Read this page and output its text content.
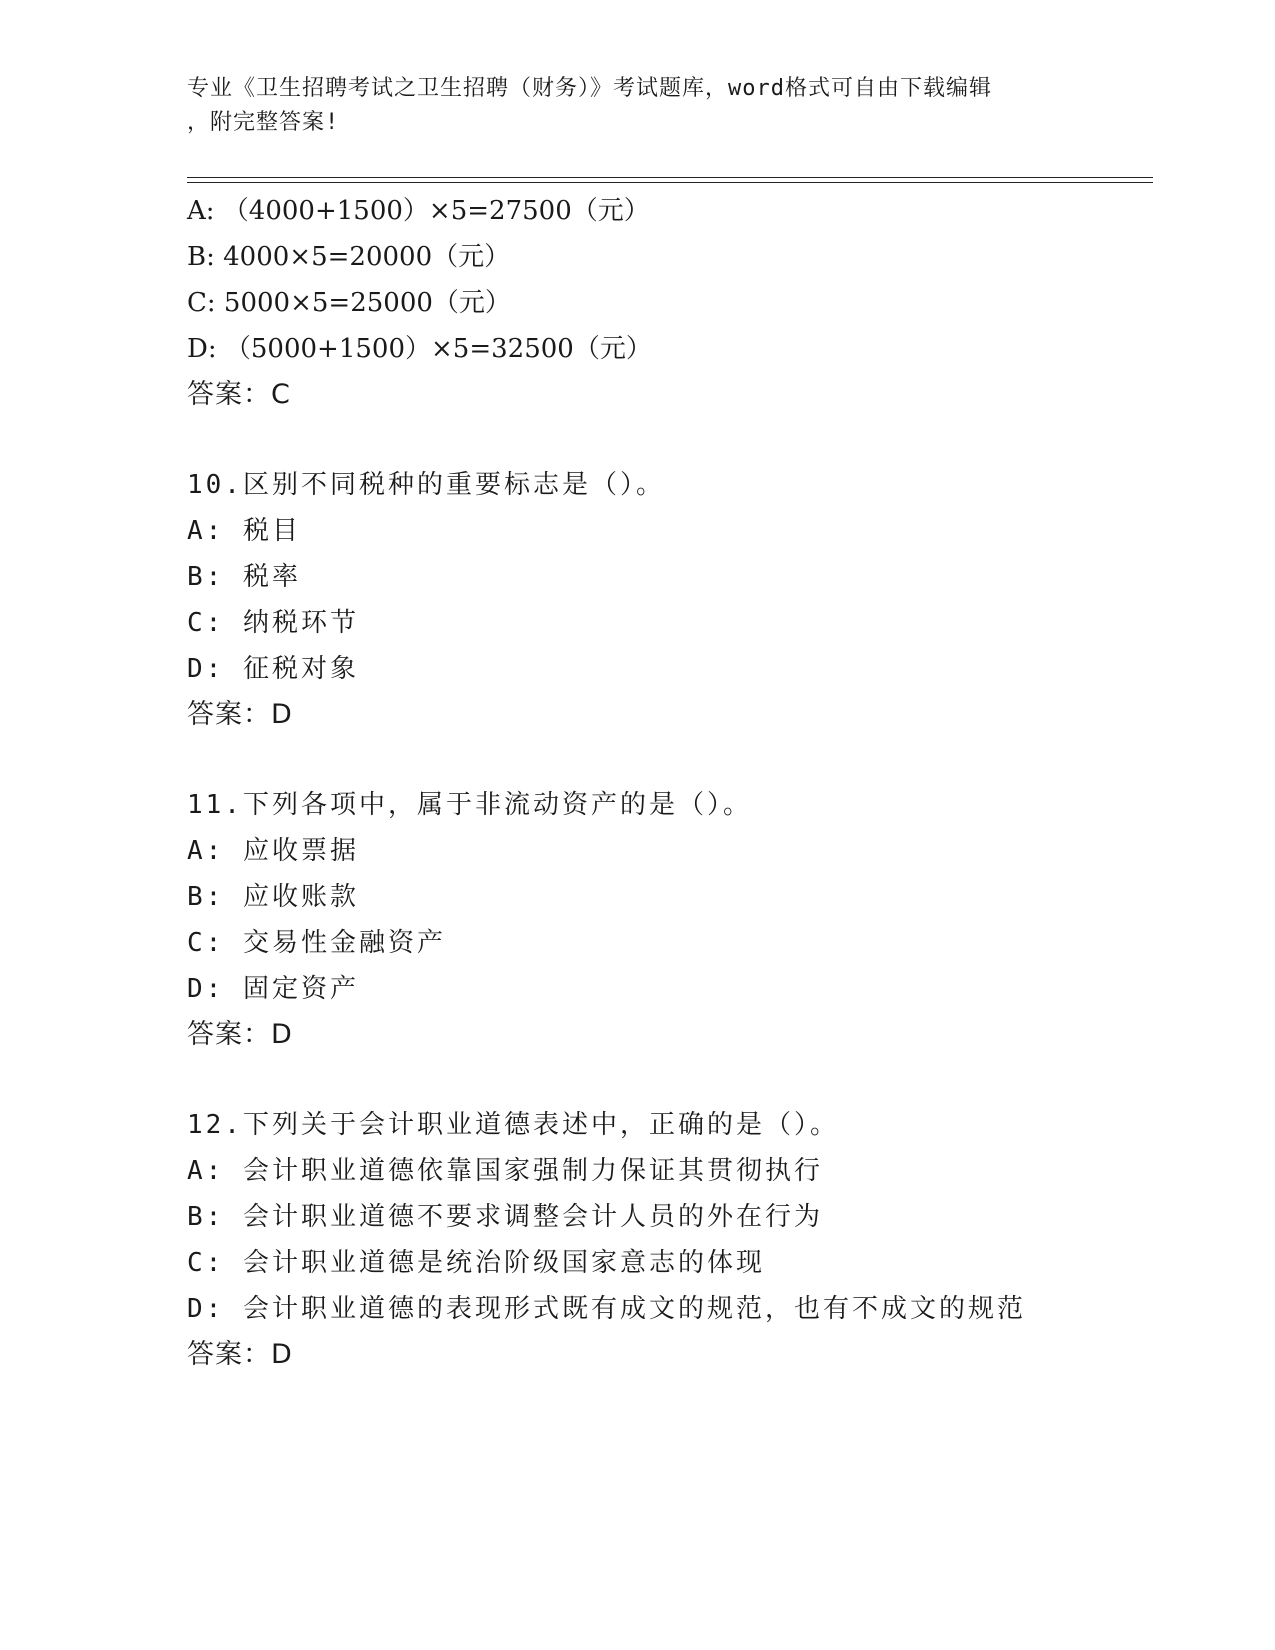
专业《卫生招聘考试之卫生招聘（财务）》考试题库，word格式可自由下载编辑
，附完整答案!
A: （4000+1500）×5=27500（元）
B: 4000×5=20000（元）
C: 5000×5=25000（元）
D: （5000+1500）×5=32500（元）
答案：C
10.区别不同税种的重要标志是（）。
A: 税目
B: 税率
C: 纳税环节
D: 征税对象
答案：D
11.下列各项中，属于非流动资产的是（）。
A: 应收票据
B: 应收账款
C: 交易性金融资产
D: 固定资产
答案：D
12.下列关于会计职业道德表述中，正确的是（）。
A: 会计职业道德依靠国家强制力保证其贯彻执行
B: 会计职业道德不要求调整会计人员的外在行为
C: 会计职业道德是统治阶级国家意志的体现
D: 会计职业道德的表现形式既有成文的规范，也有不成文的规范
答案：D
